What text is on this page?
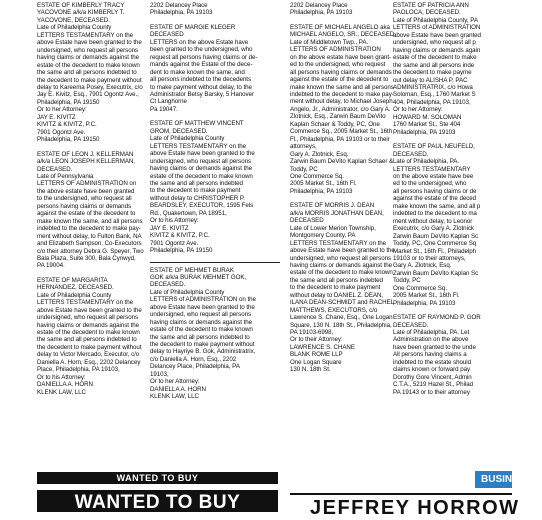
ESTATE OF KIMBERLY TRACY

YACOVONE a/k/a KIMBERLY T.

YACOVONE, DECEASED.

Late of Philadelphia County

LETTERS TESTAMENTARY on the

above Estate have been granted to the

undersigned, who request all persons

having claims or demands against the

estate of the decedent to make known

the same and all persons indebted to

the decedent to make payment without

delay to Kareema Posey, Executrix, c/o

Jay E. Kivitz, Esq., 7901 Ogontz Ave.,

Philadelphia, PA 19150

Or to her Attorney:

JAY E. KIVITZ

KIVITZ & KIVITZ, P.C.

7901 Ogontz Ave.

Philadelphia, PA 19150

ESTATE OF LEON J. KELLERMAN

a/k/a LEON JOSEPH KELLERMAN,

DECEASED.

Late of Pennsylvania

LETTERS OF ADMINISTRATION on

the above estate have been granted

to the undersigned, who request all

persons having claims or demands

against the estate of the decedent to

make known the same, and all persons

indebted to the decedent to make pay-

ment without delay, to Fulton Bank, NA

and Elizabeth Sampson, Co-Executors

c/o their attorney Debra G. Speyer, Two

Bala Plaza, Suite 300, Bala Cynwyd,

PA 19004.

ESTATE OF MARGARITA

HERNANDEZ, DECEASED.

Late of Philadelphia County

LETTERS TESTAMENTARY on the

above Estate have been granted to the

undersigned, who request all persons

having claims or demands against the

estate of the decedent to make known

the same and all persons indebted to

the decedent to make payment without

delay to Victor Mercado, Executor, c/o

Daniella A. Horn, Esq., 2202 Delancey

Place, Philadelphia, PA 19103,

Or to his Attorney:

DANIELLA A. HORN

KLENK LAW, LLC

2202 Delancey Place

Philadelphia, PA 19103

ESTATE OF MARGIE KLEGER

DECEASED

LETTERS on the above Estate have

been granted to the undersigned, who

request all persons having claims or de-

mands against the Estate of the dece-

dent to make known the same, and

all persons indebted to the decedents

to make payment without delay, to the

Administrator Betsy Barsky, 5 Hanover

Ct Langhorne

Pa 19047.

ESTATE OF MATTHEW VINCENT

GROM, DECEASED.

Late of Philadelphia County

LETTERS TESTAMENTARY on the

above Estate have been granted to the

undersigned, who request all persons

having claims or demands against the

estate of the decedent to make known

the same and all persons indebted

to the decedent to make payment

without delay to CHRISTOPHER P.

BEARDSLEY, EXECUTOR, 1595 Fels

Rd., Quakertown, PA 18951,

Or to his Attorney:

JAY E. KIVITZ

KIVITZ & KIVITZ, P.C.

7901 Ogontz Ave.

Philadelphia, PA 19150

ESTATE OF MEHMET BURAK

GOK a/k/a BURAK MEHMET GOK,

DECEASED.

Late of Philadelphia County

LETTERS of ADMINISTRATION on the

above Estate have been granted to the

undersigned, who request all persons

having claims or demands against the

estate of the decedent to make known

the same and all persons indebted to

the decedent to make payment without

delay to Hayriye B. Gok, Administratrix,

c/o Daniella A. Horn, Esq., 2202

Delancey Place, Philadelphia, PA

19103,

Or to her Attorney:

DANIELLA A. HORN

KLENK LAW, LLC

2202 Delancey Place

Philadelphia, PA 19103

ESTATE OF MICHAEL ANGELO aka

MICHAEL ANGELO, SR., DECEASED

Late of Middletown Twp., PA.

LETTERS OF ADMINISTRATION

on the above estate have been grant-

ed to the undersigned, who request

all persons having claims or demands

against the estate of the decedent to

make known the same and all persons

indebted to the decedent to make pay-

ment without delay, to Michael Joseph

Angelo, Jr., Administrator, c/o Gary A.

Zlotnick, Esq., Zarwin Baum DeVito

Kaplan Schaer & Toddy, PC, One

Commerce Sq., 2005 Market St., 16th

Fl., Philadelphia, PA 19103 or to their

attorneys,

Gary A. Zlotnick, Esq.

Zarwin Baum DeVito Kaplan Schaer &

Toddy, PC

One Commerce Sq.

2005 Market St., 16th Fl.

Philadelphia, PA 19103

ESTATE OF MORRIS J. DEAN

a/k/a MORRIS JONATHAN DEAN,

DECEASED

Late of Lower Merion Township,

Montgomery County, PA

LETTERS TESTAMENTARY on the

above Estate have been granted to the

undersigned, who request all persons

having claims or demands against the

estate of the decedent to make known

the same and all persons indebted

to the decedent to make payment

without delay to DANIEL Z. DEAN,

ILANA DEAN-SCHMIDT and RACHEL

MATTHEWS, EXECUTORS, c/o

Lawrence S. Chane, Esq., One Logan

Square, 130 N. 18th St., Philadelphia,

PA 19103-6998,

Or to their Attorney:

LAWRENCE S. CHANE

BLANK ROME LLP

One Logan Square

130 N. 18th St.

ESTATE OF PATRICIA ANN

PAOLOCA, DECEASED.

Late of Philadelphia County, PA

LETTERS of ADMINISTRATION

above Estate have been granted

undersigned, who request all p

having claims or demands again

estate of the decedent to make

the same and all persons inde

the decedent to make payme

out delay to ALISHA P. PAC

ADMINISTRATRIX, c/o Howa

Soloman, Esq., 1760 Market S

404, Philadelphia, PA 19103,

Or to her Attorney:

HOWARD M. SOLOMAN

1760 Market St., Ste 404

Philadelphia, PA 19103

ESTATE OF PAUL NEUFELD,

DECEASED.

Late of Philadelphia, PA.

LETTERS TESTAMENTARY

on the above estate have bee

ed to the undersigned, who

all persons having claims or de

against the estate of the deced

make known the same, and all p

indebted to the decedent to ma

ment without delay, to Leonor

Executrix, c/o Gary A. Zlotnick

Zarwin Baum DeVito Kaplan Sc

Toddy, PC, One Commerce Sq

Market St., 16th Fl., Philadelph

19103 or to their attorneys,

Gary A. Zlotnick, Esq.

Zarwin Baum DeVito Kaplan Sc

Toddy, PC

One Commerce Sq.

2005 Market St., 16th Fl.

Philadelphia, PA 19103

ESTATE OF RAYMOND P. GOR

DECEASED.

Late of Philadelphia, PA. Let

Administration on the above

have been granted to the unde

All persons having claims a

indebted to the estate should

claims known or forward pay

Dorothy Gore Vincent, Admin

C.T.A., 5219 Hazel St., Philad

PA 19143 or to their attorney

WANTED TO BUY
WANTED TO BUY
BUSINESS A
JEFFREY HORROW
